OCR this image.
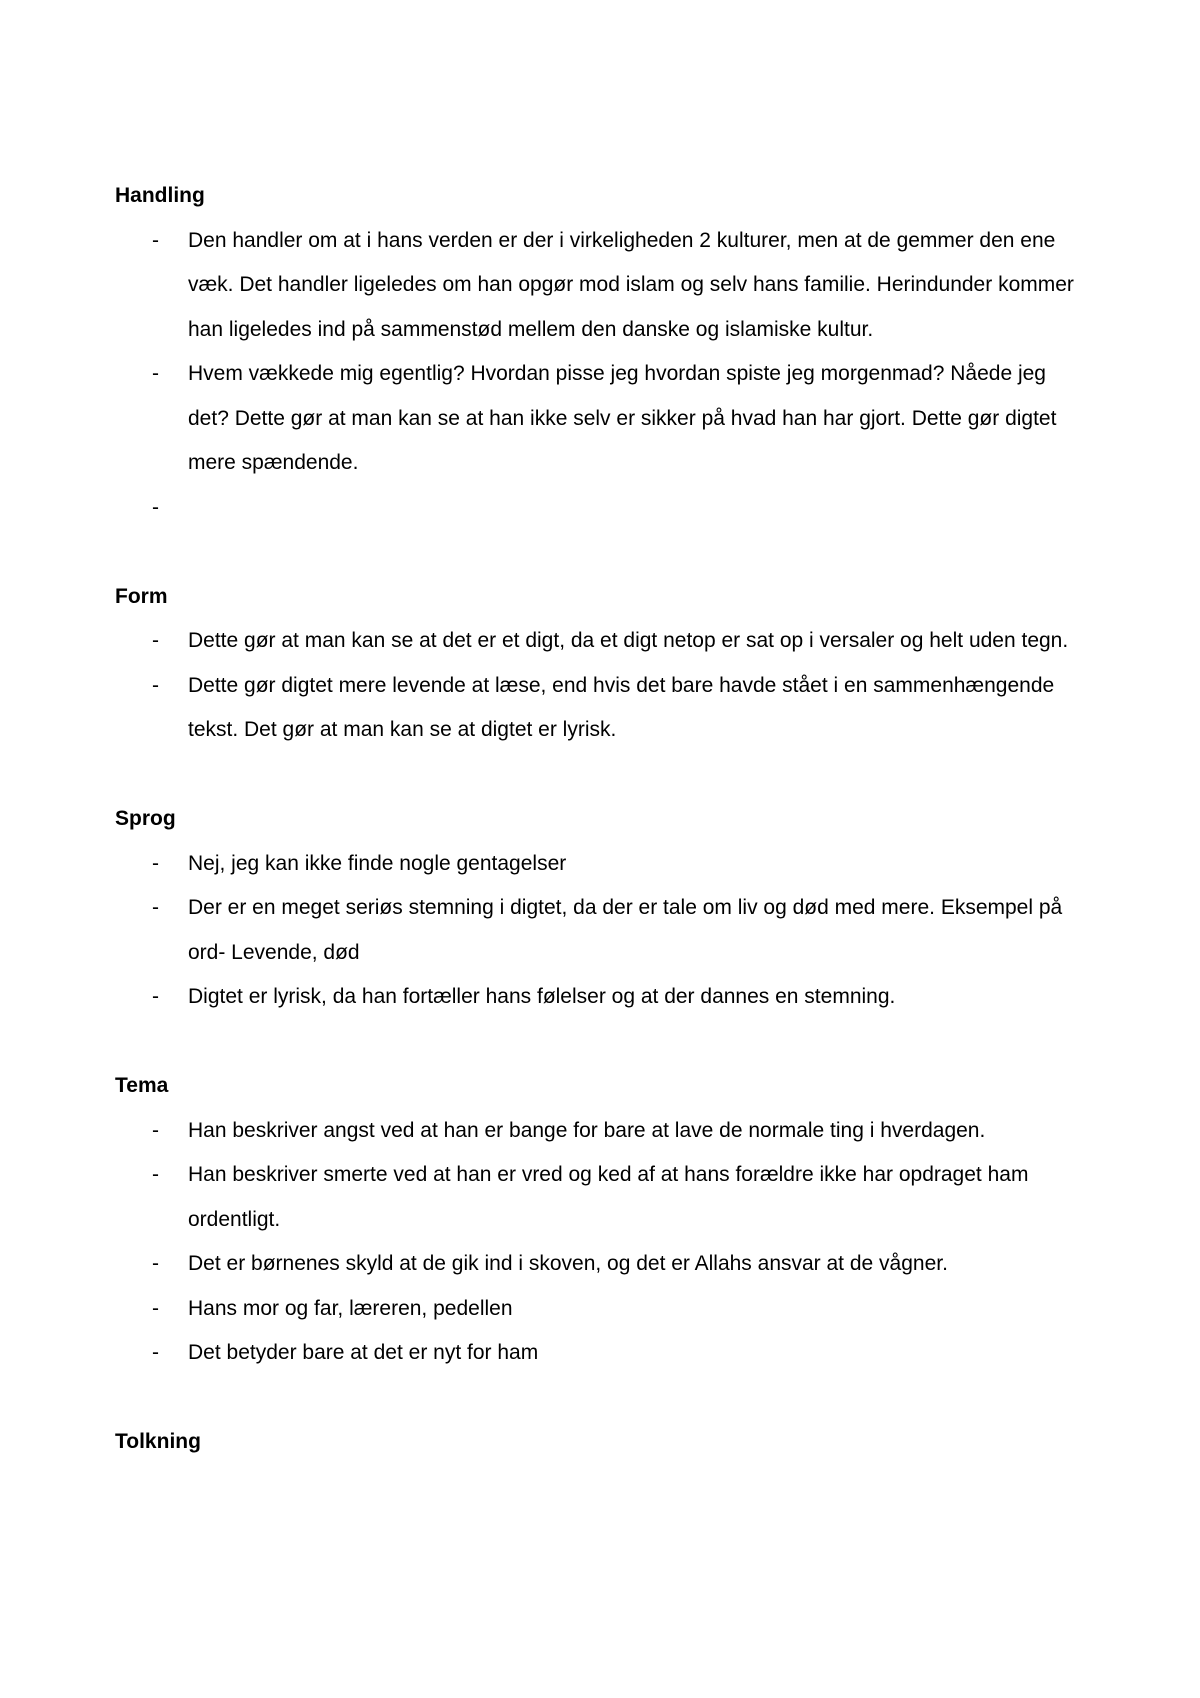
Handling
-	Den handler om at i hans verden er der i virkeligheden 2 kulturer, men at de gemmer den ene væk. Det handler ligeledes om han opgør mod islam og selv hans familie. Herindunder kommer han ligeledes ind på sammenstød mellem den danske og islamiske kultur.
-	Hvem vækkede mig egentlig? Hvordan pisse jeg hvordan spiste jeg morgenmad? Nåede jeg det? Dette gør at man kan se at han ikke selv er sikker på hvad han har gjort. Dette gør digtet mere spændende.
-
Form
-	Dette gør at man kan se at det er et digt, da et digt netop er sat op i versaler og helt uden tegn.
-	Dette gør digtet mere levende at læse, end hvis det bare havde stået i en sammenhængende tekst. Det gør at man kan se at digtet er lyrisk.
Sprog
-	Nej, jeg kan ikke finde nogle gentagelser
-	Der er en meget seriøs stemning i digtet, da der er tale om liv og død med mere. Eksempel på ord- Levende, død
-	Digtet er lyrisk, da han fortæller hans følelser og at der dannes en stemning.
Tema
-	Han beskriver angst ved at han er bange for bare at lave de normale ting i hverdagen.
-	Han beskriver smerte ved at han er vred og ked af at hans forældre ikke har opdraget ham ordentligt.
-	Det er børnenes skyld at de gik ind i skoven, og det er Allahs ansvar at de vågner.
-	Hans mor og far, læreren, pedellen
-	Det betyder bare at det er nyt for ham
Tolkning
